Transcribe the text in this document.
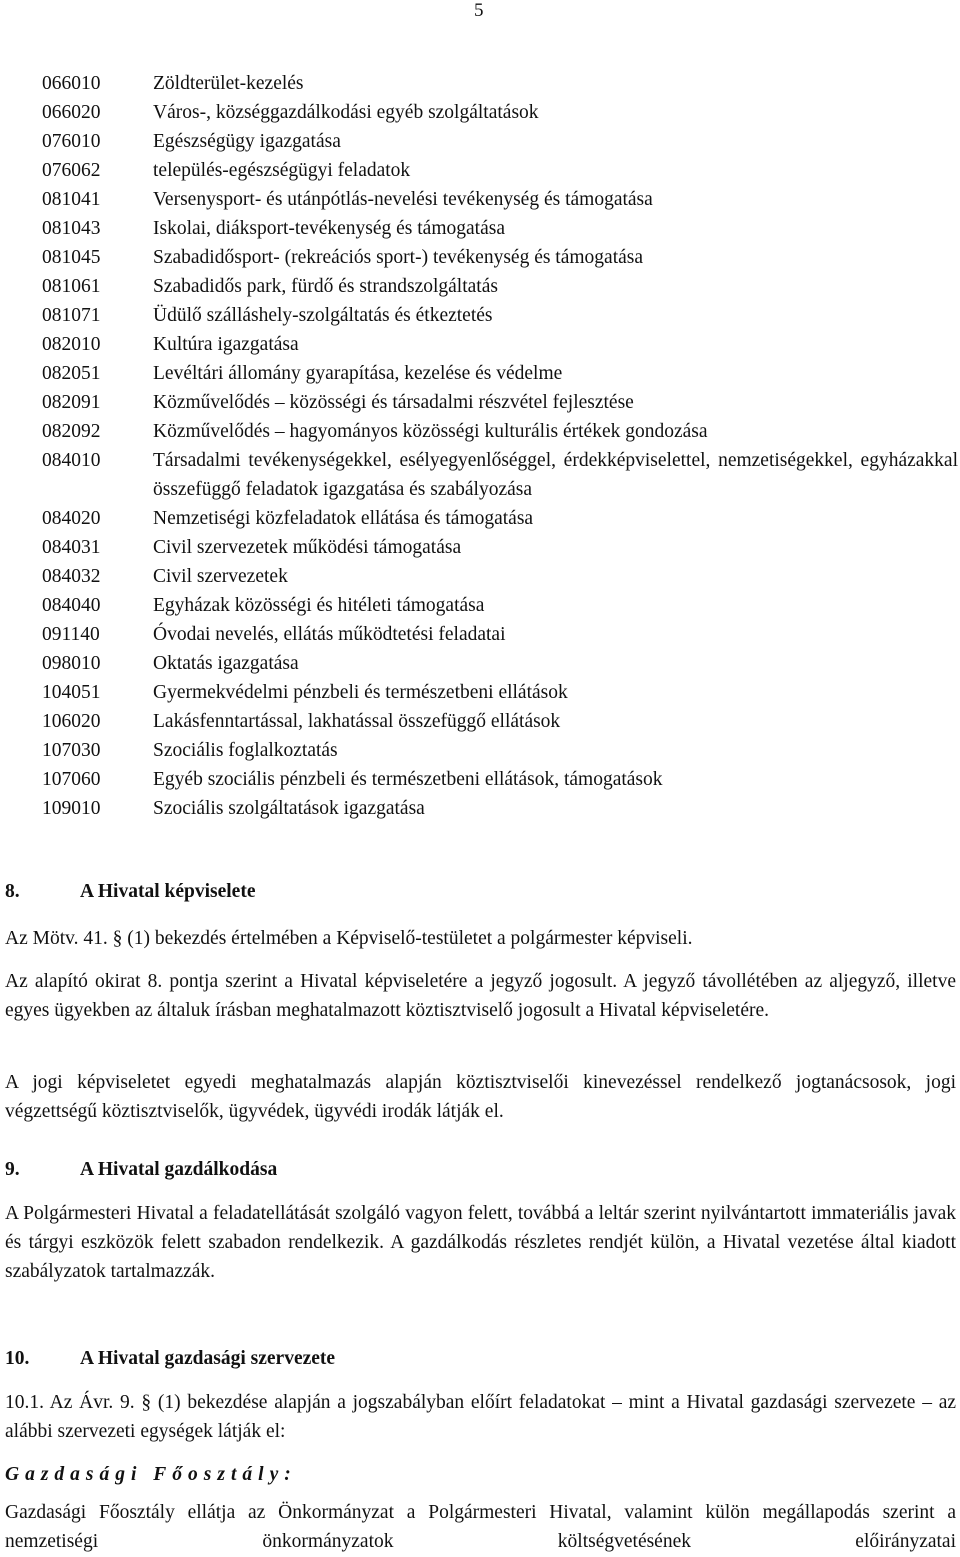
5
066010	Zöldterület-kezelés
066020	Város-, községgazdálkodási egyéb szolgáltatások
076010	Egészségügy igazgatása
076062	település-egészségügyi feladatok
081041	Versenysport- és utánpótlás-nevelési tevékenység és támogatása
081043	Iskolai, diáksport-tevékenység és támogatása
081045	Szabadidősport- (rekreációs sport-) tevékenység és támogatása
081061	Szabadidős park, fürdő és strandszolgáltatás
081071	Üdülő szálláshely-szolgáltatás és étkeztetés
082010	Kultúra igazgatása
082051	Levéltári állomány gyarapítása, kezelése és védelme
082091	Közművelődés – közösségi és társadalmi részvétel fejlesztése
082092	Közművelődés – hagyományos közösségi kulturális értékek gondozása
084010	Társadalmi tevékenységekkel, esélyegyenlőséggel, érdekképviselettel, nemzetiségekkel, egyházakkal összefüggő feladatok igazgatása és szabályozása
084020	Nemzetiségi közfeladatok ellátása és támogatása
084031	Civil szervezetek működési támogatása
084032	Civil szervezetek
084040	Egyházak közösségi és hitéleti támogatása
091140	Óvodai nevelés, ellátás működtetési feladatai
098010	Oktatás igazgatása
104051	Gyermekvédelmi pénzbeli és természetbeni ellátások
106020	Lakásfenntartással, lakhatással összefüggő ellátások
107030	Szociális foglalkoztatás
107060	Egyéb szociális pénzbeli és természetbeni ellátások, támogatások
109010	Szociális szolgáltatások igazgatása
8.	A Hivatal képviselete

Az Mötv. 41. § (1) bekezdés értelmében a Képviselő-testületet a polgármester képviseli.

Az alapító okirat 8. pontja szerint a Hivatal képviseletére a jegyző jogosult. A jegyző távollétében az aljegyző, illetve egyes ügyekben az általuk írásban meghatalmazott köztisztviselő jogosult a Hivatal képviseletére.

A jogi képviseletet egyedi meghatalmazás alapján köztisztviselői kinevezéssel rendelkező jogtanácsosok, jogi végzettségű köztisztviselők, ügyvédek, ügyvédi irodák látják el.

9.	A Hivatal gazdálkodása

A Polgármesteri Hivatal a feladatellátását szolgáló vagyon felett, továbbá a leltár szerint nyilvántartott immateriális javak és tárgyi eszközök felett szabadon rendelkezik. A gazdálkodás részletes rendjét külön, a Hivatal vezetése által kiadott szabályzatok tartalmazzák.

10.	A Hivatal gazdasági szervezete

10.1. Az Ávr. 9. § (1) bekezdése alapján a jogszabályban előírt feladatokat – mint a Hivatal gazdasági szervezete – az alábbi szervezeti egységek látják el:

Gazdasági Főosztály:

Gazdasági Főosztály ellátja az Önkormányzat a Polgármesteri Hivatal, valamint külön megállapodás szerint a nemzetiségi önkormányzatok költségvetésének előirányzatai
